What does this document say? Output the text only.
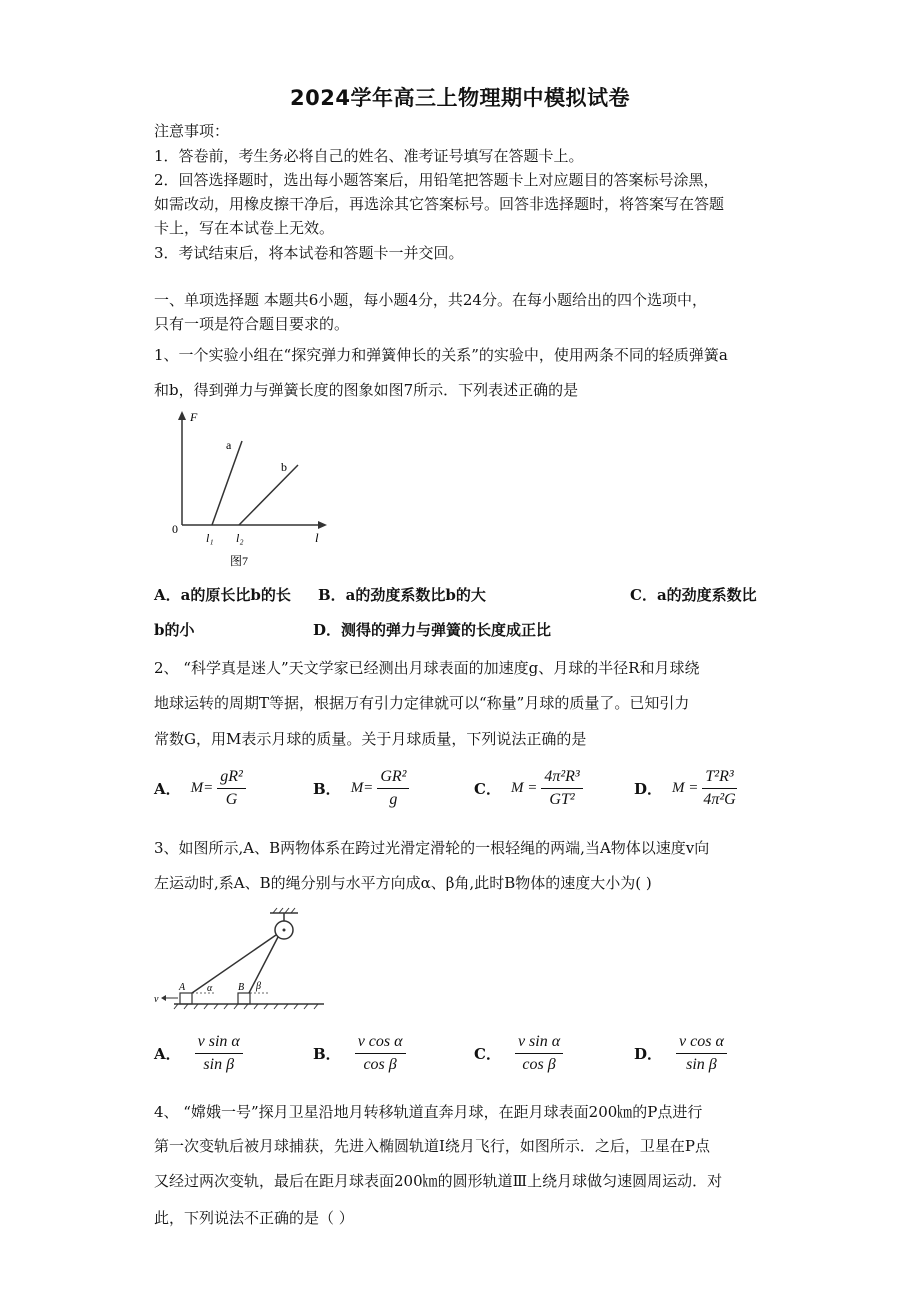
2024学年高三上物理期中模拟试卷
注意事项：
1．答卷前，考生务必将自己的姓名、准考证号填写在答题卡上。
2．回答选择题时，选出每小题答案后，用铅笔把答题卡上对应题目的答案标号涂黑，
如需改动，用橡皮擦干净后，再选涂其它答案标号。回答非选择题时，将答案写在答题
卡上，写在本试卷上无效。
3．考试结束后，将本试卷和答题卡一并交回。
一、单项选择题 本题共6小题，每小题4分，共24分。在每小题给出的四个选项中，
只有一项是符合题目要求的。
1、一个实验小组在“探究弹力和弹簧伸长的关系”的实验中，使用两条不同的轻质弹簧a
和b，得到弹力与弹簧长度的图象如图7所示．下列表述正确的是
F
a
b
0
l₁ l₂	l
图7
A．a的原长比b的长 B．a的劲度系数比b的大	C．a的劲度系数比
b的小	D．测得的弹力与弹簧的长度成正比
2、 “科学真是迷人”天文学家已经测出月球表面的加速度g、月球的半径R和月球绕
地球运转的周期T等据，根据万有引力定律就可以“称量”月球的质量了。已知引力
常数G，用M表示月球的质量。关于月球质量，下列说法正确的是
A． $M= \frac{\text{gR²}}{G}$	B． $M= \frac{\text{GR²}}{g}$	C． $M = \frac{\text{4π²R³}}{\text{GT²}}$	D． $M = \frac{\text{T²R³}}{\text{4π²G}}$
3、如图所示,A、B两物体系在跨过光滑定滑轮的一根轻绳的两端,当A物体以速度v向
左运动时,系A、B的绳分别与水平方向成α、β角,此时B物体的速度大小为( )
v
A	B
α	β
A． $\frac{\text{v sin α}}{\text{sin β}}$	B． $\frac{\text{v cos α}}{\text{cos β}}$	C． $\frac{\text{v sin α}}{\text{cos β}}$	D． $\frac{\text{v cos α}}{\text{sin β}}$
4、 “嫦娥一号”探月卫星沿地月转移轨道直奔月球，在距月球表面200㎞的P点进行
第一次变轨后被月球捕获，先进入椭圆轨道Ⅰ绕月飞行，如图所示．之后，卫星在P点
又经过两次变轨，最后在距月球表面200㎞的圆形轨道Ⅲ上绕月球做匀速圆周运动．对
此，下列说法不正确的是（ ）
